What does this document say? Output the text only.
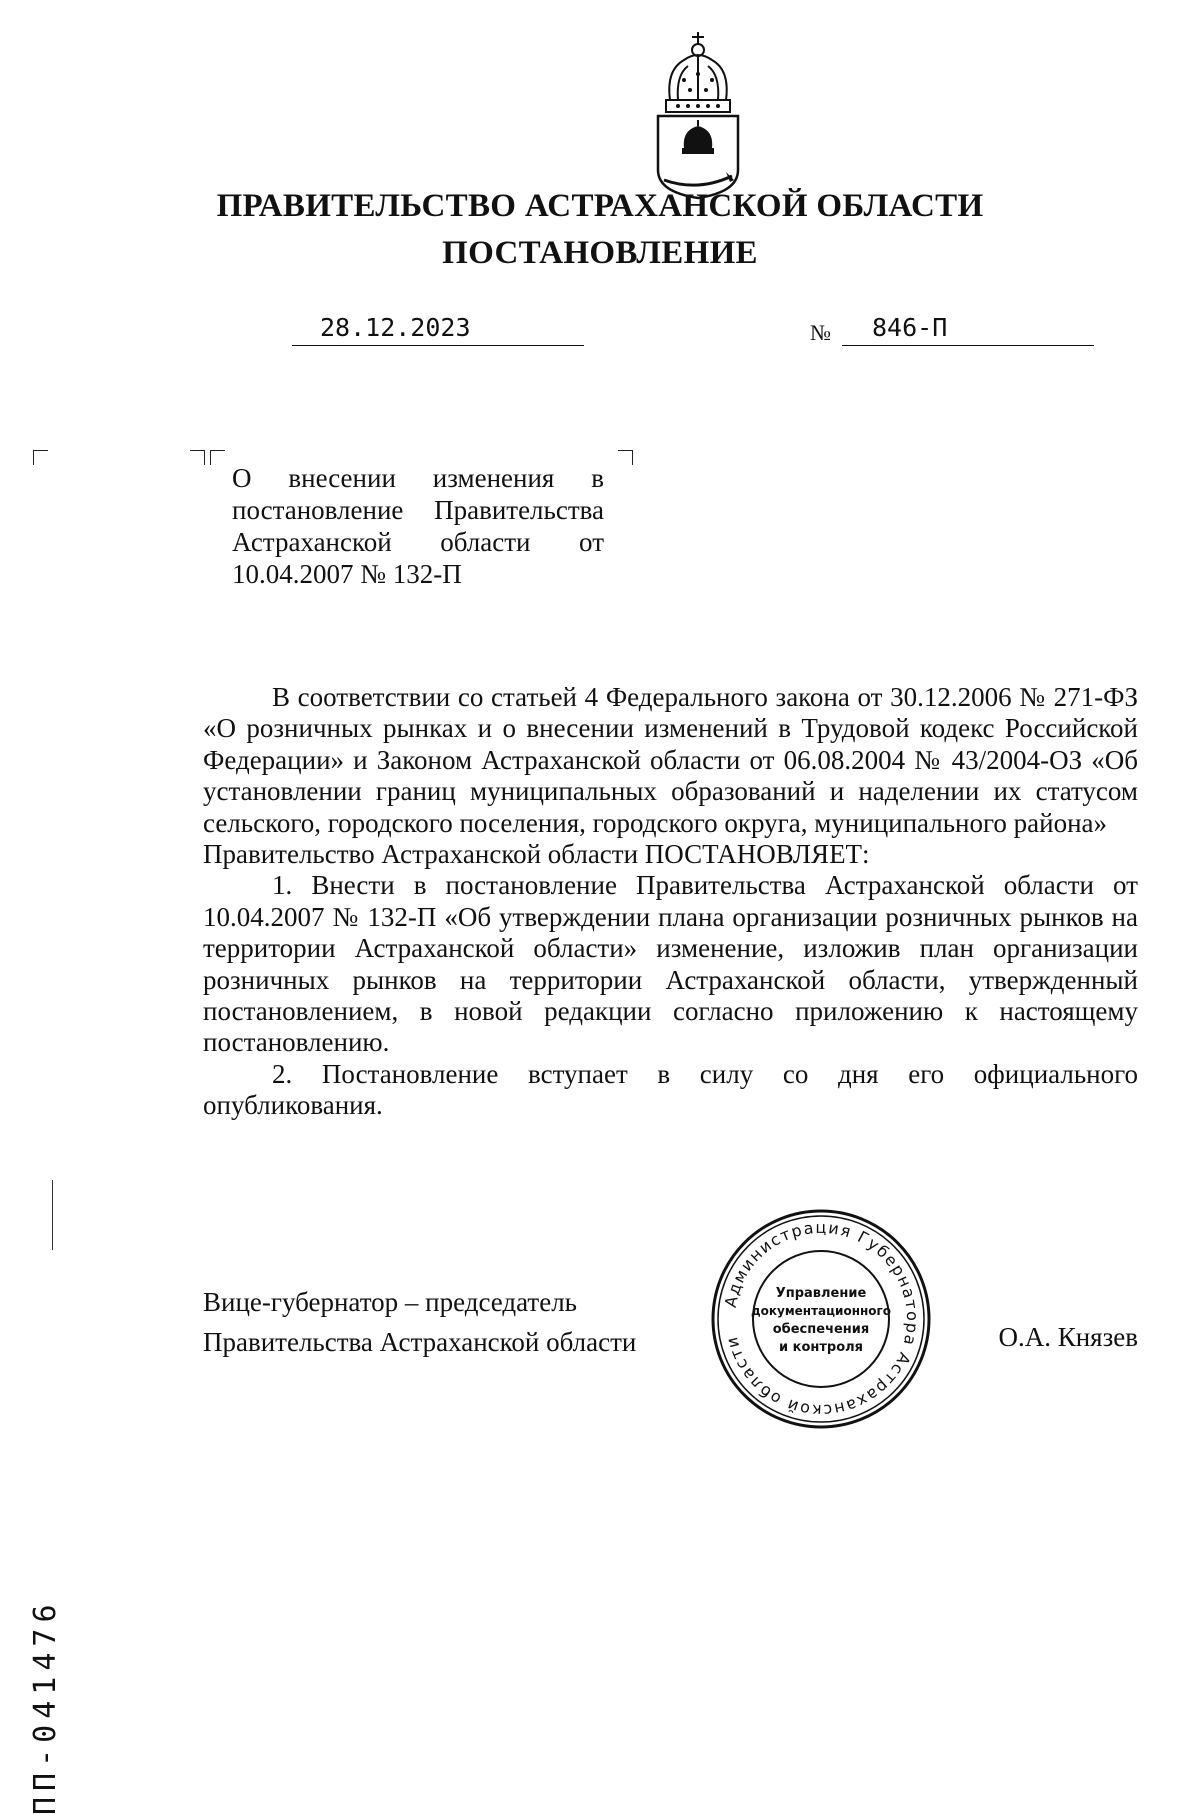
ПРАВИТЕЛЬСТВО АСТРАХАНСКОЙ ОБЛАСТИ
ПОСТАНОВЛЕНИЕ
28.12.2023	№ 846-П
О внесении изменения в
постановление Правительства
Астраханской области от
10.04.2007 № 132-П

В соответствии со статьей 4 Федерального закона от 30.12.2006 № 271-ФЗ «О розничных рынках и о внесении изменений в Трудовой кодекс Российской Федерации» и Законом Астраханской области от 06.08.2004 № 43/2004-ОЗ «Об установлении границ муниципальных образований и наделении их статусом сельского, городского поселения, городского округа, муниципального района»

Правительство Астраханской области ПОСТАНОВЛЯЕТ:

1. Внести в постановление Правительства Астраханской области от 10.04.2007 № 132-П «Об утверждении плана организации розничных рынков на территории Астраханской области» изменение, изложив план организации розничных рынков на территории Астраханской области, утвержденный постановлением, в новой редакции согласно приложению к настоящему постановлению.

2. Постановление вступает в силу со дня его официального опубликования.

Вице-губернатор – председатель
Правительства Астраханской области	О.А. Князев
Администрация Губернатора Астраханской области
Управление
документационного
обеспечения
и контроля
ПП-041476
